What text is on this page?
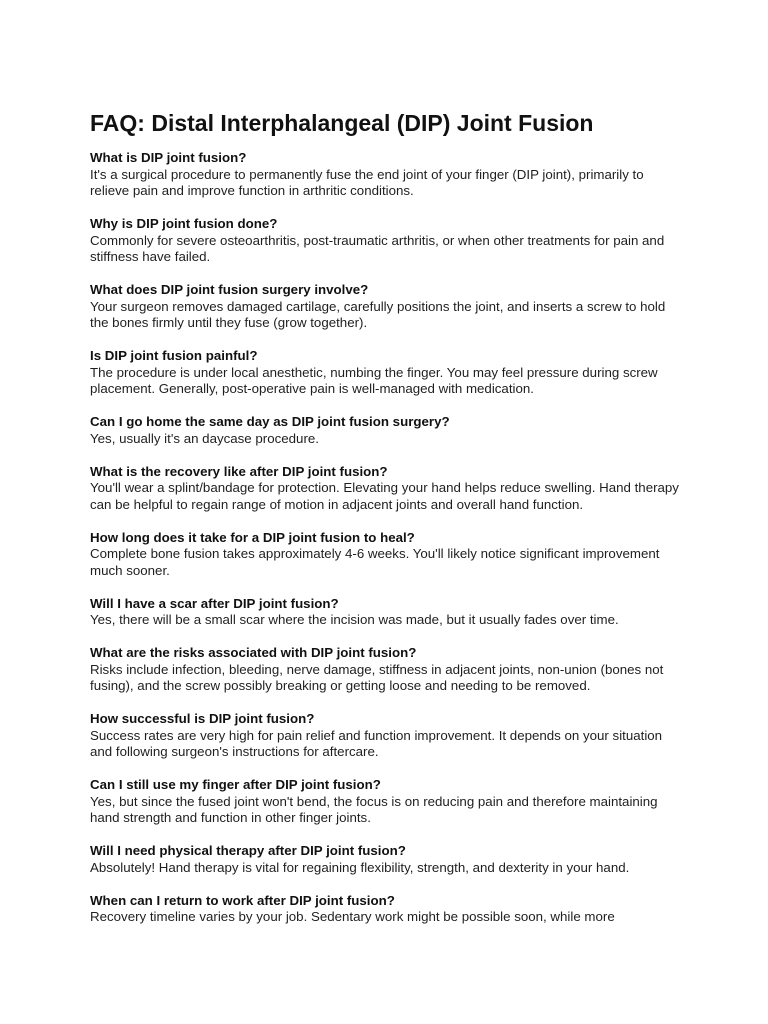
FAQ: Distal Interphalangeal (DIP) Joint Fusion

What is DIP joint fusion?

It's a surgical procedure to permanently fuse the end joint of your finger (DIP joint), primarily to relieve pain and improve function in arthritic conditions.

Why is DIP joint fusion done?

Commonly for severe osteoarthritis, post-traumatic arthritis, or when other treatments for pain and stiffness have failed.

What does DIP joint fusion surgery involve?

Your surgeon removes damaged cartilage, carefully positions the joint, and inserts a screw to hold the bones firmly until they fuse (grow together).

Is DIP joint fusion painful?

The procedure is under local anesthetic, numbing the finger. You may feel pressure during screw placement. Generally, post-operative pain is well-managed with medication.

Can I go home the same day as DIP joint fusion surgery?

Yes, usually it's an daycase procedure.

What is the recovery like after DIP joint fusion?

You'll wear a splint/bandage for protection. Elevating your hand helps reduce swelling. Hand therapy can be helpful to regain range of motion in adjacent joints and overall hand function.

How long does it take for a DIP joint fusion to heal?

Complete bone fusion takes approximately 4-6 weeks. You'll likely notice significant improvement much sooner.

Will I have a scar after DIP joint fusion?

Yes, there will be a small scar where the incision was made, but it usually fades over time.

What are the risks associated with DIP joint fusion?

Risks include infection, bleeding, nerve damage, stiffness in adjacent joints, non-union (bones not fusing), and the screw possibly breaking or getting loose and needing to be removed.

How successful is DIP joint fusion?

Success rates are very high for pain relief and function improvement. It depends on your situation and following surgeon's instructions for aftercare.

Can I still use my finger after DIP joint fusion?

Yes, but since the fused joint won't bend, the focus is on reducing pain and therefore maintaining hand strength and function in other finger joints.

Will I need physical therapy after DIP joint fusion?

Absolutely! Hand therapy is vital for regaining flexibility, strength, and dexterity in your hand.

When can I return to work after DIP joint fusion?

Recovery timeline varies by your job. Sedentary work might be possible soon, while more
